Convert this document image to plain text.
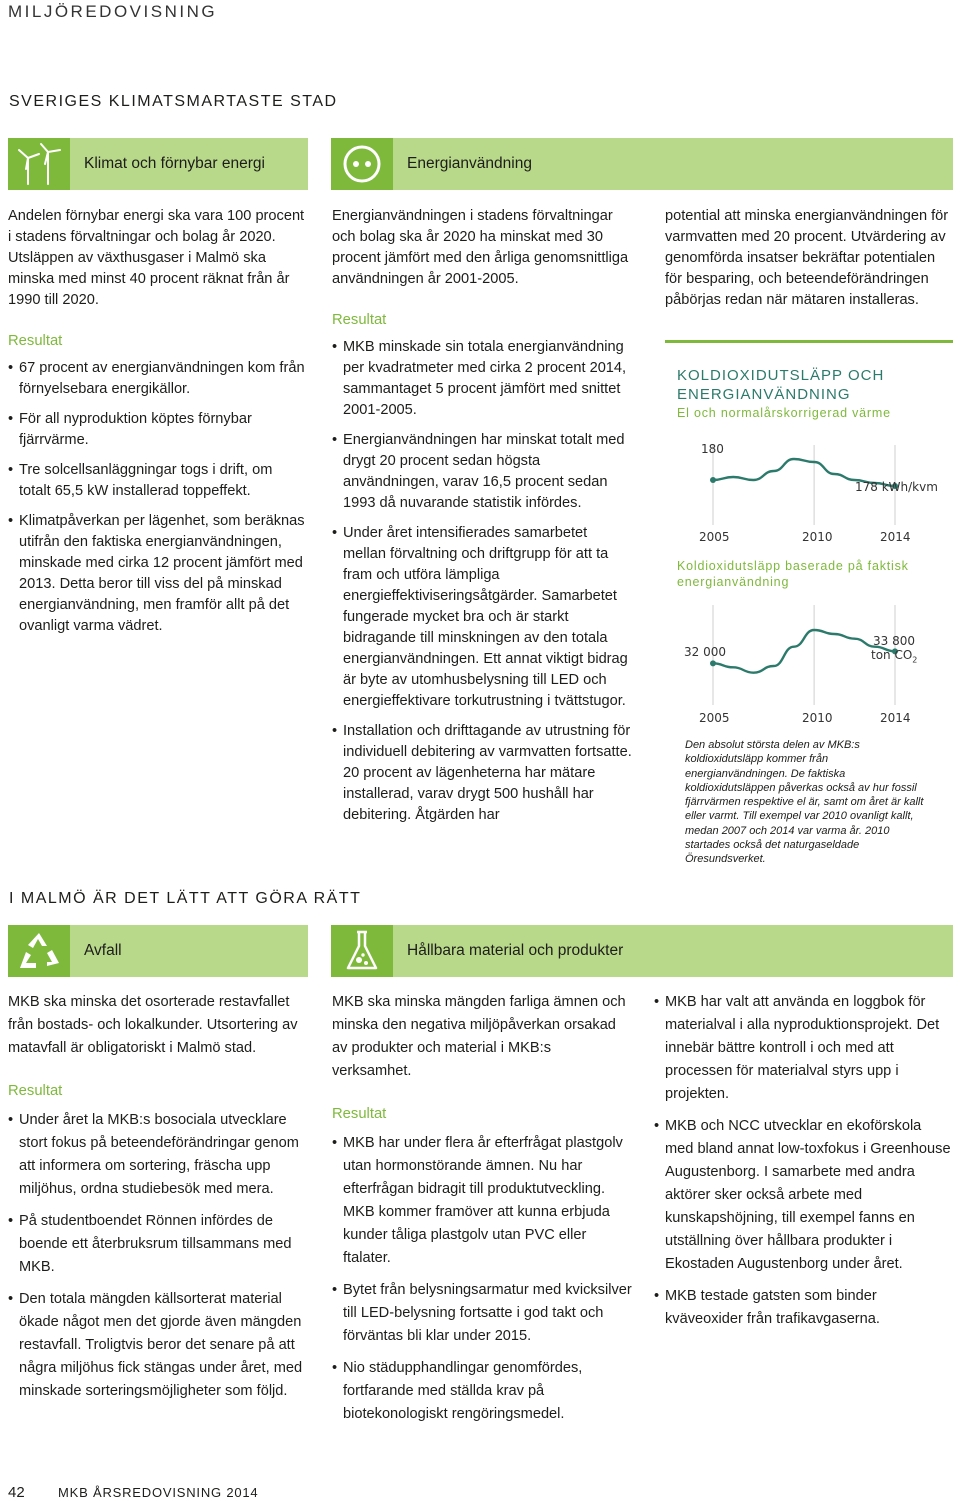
MILJÖREDOVISNING
SVERIGES KLIMATSMARTASTE STAD
Klimat och förnybar energi	Energianvändning

Andelen förnybar energi ska vara 100 procent i stadens förvaltningar och bolag år 2020. Utsläppen av växthusgaser i Malmö ska minska med minst 40 procent räknat från år 1990 till 2020.

Resultat
• 67 procent av energianvändningen kom från förnyelsebara energikällor.
• För all nyproduktion köptes förnybar fjärrvärme.
• Tre solcellsanläggningar togs i drift, om totalt 65,5 kW installerad toppeffekt.
• Klimatpåverkan per lägenhet, som beräknas utifrån den faktiska energianvändningen, minskade med cirka 12 procent jämfört med 2013. Detta beror till viss del på minskad energianvändning, men framför allt på det ovanligt varma vädret.

Energianvändningen i stadens förvaltningar och bolag ska år 2020 ha minskat med 30 procent jämfört med den årliga genomsnittliga användningen år 2001-2005.

Resultat
• MKB minskade sin totala energianvändning per kvadratmeter med cirka 2 procent 2014, sammantaget 5 procent jämfört med snittet 2001-2005.
• Energianvändningen har minskat totalt med drygt 20 procent sedan högsta användningen, varav 16,5 procent sedan 1993 då nuvarande statistik infördes.
• Under året intensifierades samarbetet mellan förvaltning och driftgrupp för att ta fram och utföra lämpliga energieffektiviseringsåtgärder. Samarbetet fungerade mycket bra och är starkt bidragande till minskningen av den totala energianvändningen. Ett annat viktigt bidrag är byte av utomhusbelysning till LED och energieffektivare torkutrustning i tvättstugor.
• Installation och drifttagande av utrustning för individuell debitering av varmvatten fortsatte. 20 procent av lägenheterna har mätare installerad, varav drygt 500 hushåll har debitering. Åtgärden har
potential att minska energianvändningen för varmvatten med 20 procent. Utvärdering av genomförda insatser bekräftar potentialen för besparing, och beteendeförändringen påbörjas redan när mätaren installeras.
KOLDIOXIDUTSLÄPP OCH
ENERGIANVÄNDNING
El och normalårskorrigerad värme
180
178 kWh/kvm
2005	2010	2014
Koldioxidutsläpp baserade på faktisk energianvändning
32 000
33 800
ton $CO_2$
2005	2010	2014
Den absolut största delen av MKB:s koldioxidutsläpp kommer från energianvändningen. De faktiska koldioxidutsläppen påverkas också av hur fossil fjärrvärmen respektive el är, samt om året är kallt eller varmt. Till exempel var 2010 ovanligt kallt, medan 2007 och 2014 var varma år. 2010 startades också det naturgaseldade Öresundsverket.
I MALMÖ ÄR DET LÄTT ATT GÖRA RÄTT
Avfall	Hållbara material och produkter

MKB ska minska det osorterade restavfallet från bostads- och lokalkunder. Utsortering av matavfall är obligatoriskt i Malmö stad.

Resultat
• Under året la MKB:s bosociala utvecklare stort fokus på beteendeförändringar genom att informera om sortering, fräscha upp miljöhus, ordna studiebesök med mera.
• På studentboendet Rönnen infördes de boende ett återbruksrum tillsammans med MKB.
• Den totala mängden källsorterat material ökade något men det gjorde även mängden restavfall. Troligtvis beror det senare på att några miljöhus fick stängas under året, med minskade sorteringsmöjligheter som följd.

MKB ska minska mängden farliga ämnen och minska den negativa miljöpåverkan orsakad av produkter och material i MKB:s verksamhet.

Resultat
• MKB har under flera år efterfrågat plastgolv utan hormonstörande ämnen. Nu har efterfrågan bidragit till produktutveckling. MKB kommer framöver att kunna erbjuda kunder tåliga plastgolv utan PVC eller ftalater.
• Bytet från belysningsarmatur med kvicksilver till LED-belysning fortsatte i god takt och förväntas bli klar under 2015.
• Nio städupphandlingar genomfördes, fortfarande med ställda krav på biotekonologiskt rengöringsmedel.
• MKB har valt att använda en loggbok för materialval i alla nyproduktionsprojekt. Det innebär bättre kontroll i och med att processen för materialval styrs upp i projekten.
• MKB och NCC utvecklar en ekoförskola med bland annat low-toxfokus i Greenhouse Augustenborg. I samarbete med andra aktörer sker också arbete med kunskapshöjning, till exempel fanns en utställning över hållbara produkter i Ekostaden Augustenborg under året.
• MKB testade gatsten som binder kväveoxider från trafikavgaserna.
42	MKB ÅRSREDOVISNING 2014
